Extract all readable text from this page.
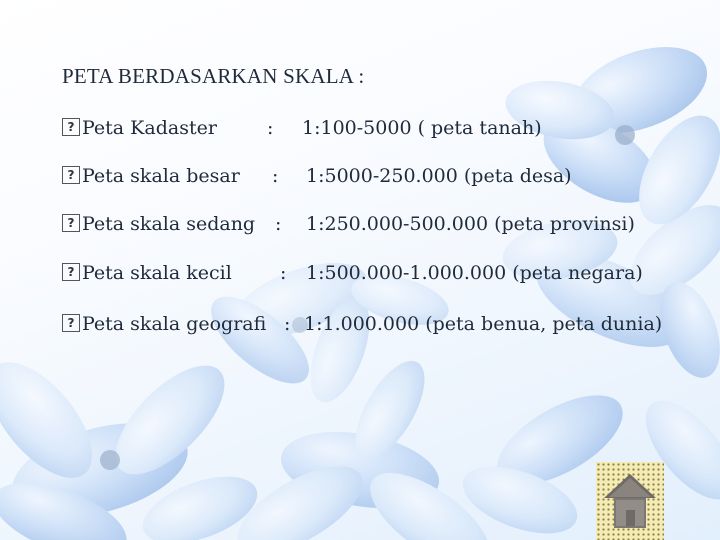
PETA BERDASARKAN SKALA :
?Peta Kadaster	: 1:100-5000 ( peta tanah)
?Peta skala besar : 1:5000-250.000 (peta desa)
?Peta skala sedang : 1:250.000-500.000 (peta provinsi)
?Peta skala kecil	: 1:500.000-1.000.000 (peta negara)
?Peta skala geografi : 1:1.000.000 (peta benua, peta dunia)
